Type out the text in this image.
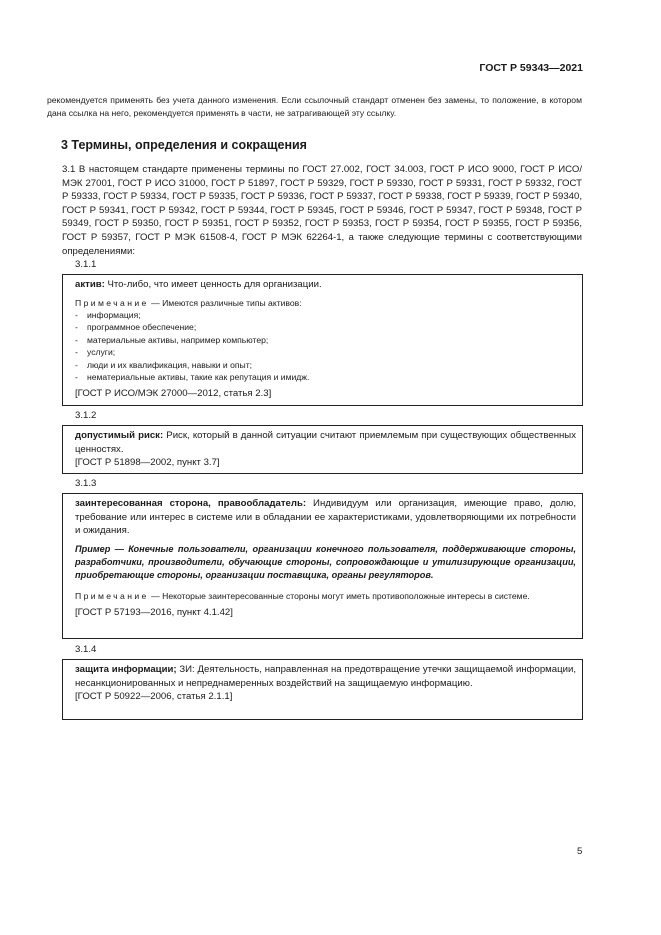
ГОСТ Р 59343—2021
рекомендуется применять без учета данного изменения. Если ссылочный стандарт отменен без замены, то положение, в котором дана ссылка на него, рекомендуется применять в части, не затрагивающей эту ссылку.
3 Термины, определения и сокращения
3.1 В настоящем стандарте применены термины по ГОСТ 27.002, ГОСТ 34.003, ГОСТ Р ИСО 9000, ГОСТ Р ИСО/МЭК 27001, ГОСТ Р ИСО 31000, ГОСТ Р 51897, ГОСТ Р 59329, ГОСТ Р 59330, ГОСТ Р 59331, ГОСТ Р 59332, ГОСТ Р 59333, ГОСТ Р 59334, ГОСТ Р 59335, ГОСТ Р 59336, ГОСТ Р 59337, ГОСТ Р 59338, ГОСТ Р 59339, ГОСТ Р 59340, ГОСТ Р 59341, ГОСТ Р 59342, ГОСТ Р 59344, ГОСТ Р 59345, ГОСТ Р 59346, ГОСТ Р 59347, ГОСТ Р 59348, ГОСТ Р 59349, ГОСТ Р 59350, ГОСТ Р 59351, ГОСТ Р 59352, ГОСТ Р 59353, ГОСТ Р 59354, ГОСТ Р 59355, ГОСТ Р 59356, ГОСТ Р 59357, ГОСТ Р МЭК 61508-4, ГОСТ Р МЭК 62264-1, а также следующие термины с соответствующими определениями:
3.1.1

актив: Что-либо, что имеет ценность для организации.

Примечание — Имеются различные типы активов:

- информация;
- программное обеспечение;
- материальные активы, например компьютер;
- услуги;
- люди и их квалификация, навыки и опыт;
- нематериальные активы, такие как репутация и имидж.

[ГОСТ Р ИСО/МЭК 27000—2012, статья 2.3]

3.1.2

допустимый риск: Риск, который в данной ситуации считают приемлемым при существующих общественных ценностях.

[ГОСТ Р 51898—2002, пункт 3.7]

3.1.3

заинтересованная сторона, правообладатель: Индивидуум или организация, имеющие право, долю, требование или интерес в системе или в обладании ее характеристиками, удовлетворяющими их потребности и ожидания.

Пример — Конечные пользователи, организации конечного пользователя, поддерживающие стороны, разработчики, производители, обучающие стороны, сопровождающие и утилизирующие организации, приобретающие стороны, организации поставщика, органы регуляторов.

Примечание — Некоторые заинтересованные стороны могут иметь противоположные интересы в системе.

[ГОСТ Р 57193—2016, пункт 4.1.42]

3.1.4

защита информации; ЗИ: Деятельность, направленная на предотвращение утечки защищаемой информации, несанкционированных и непреднамеренных воздействий на защищаемую информацию.

[ГОСТ Р 50922—2006, статья 2.1.1]

5
